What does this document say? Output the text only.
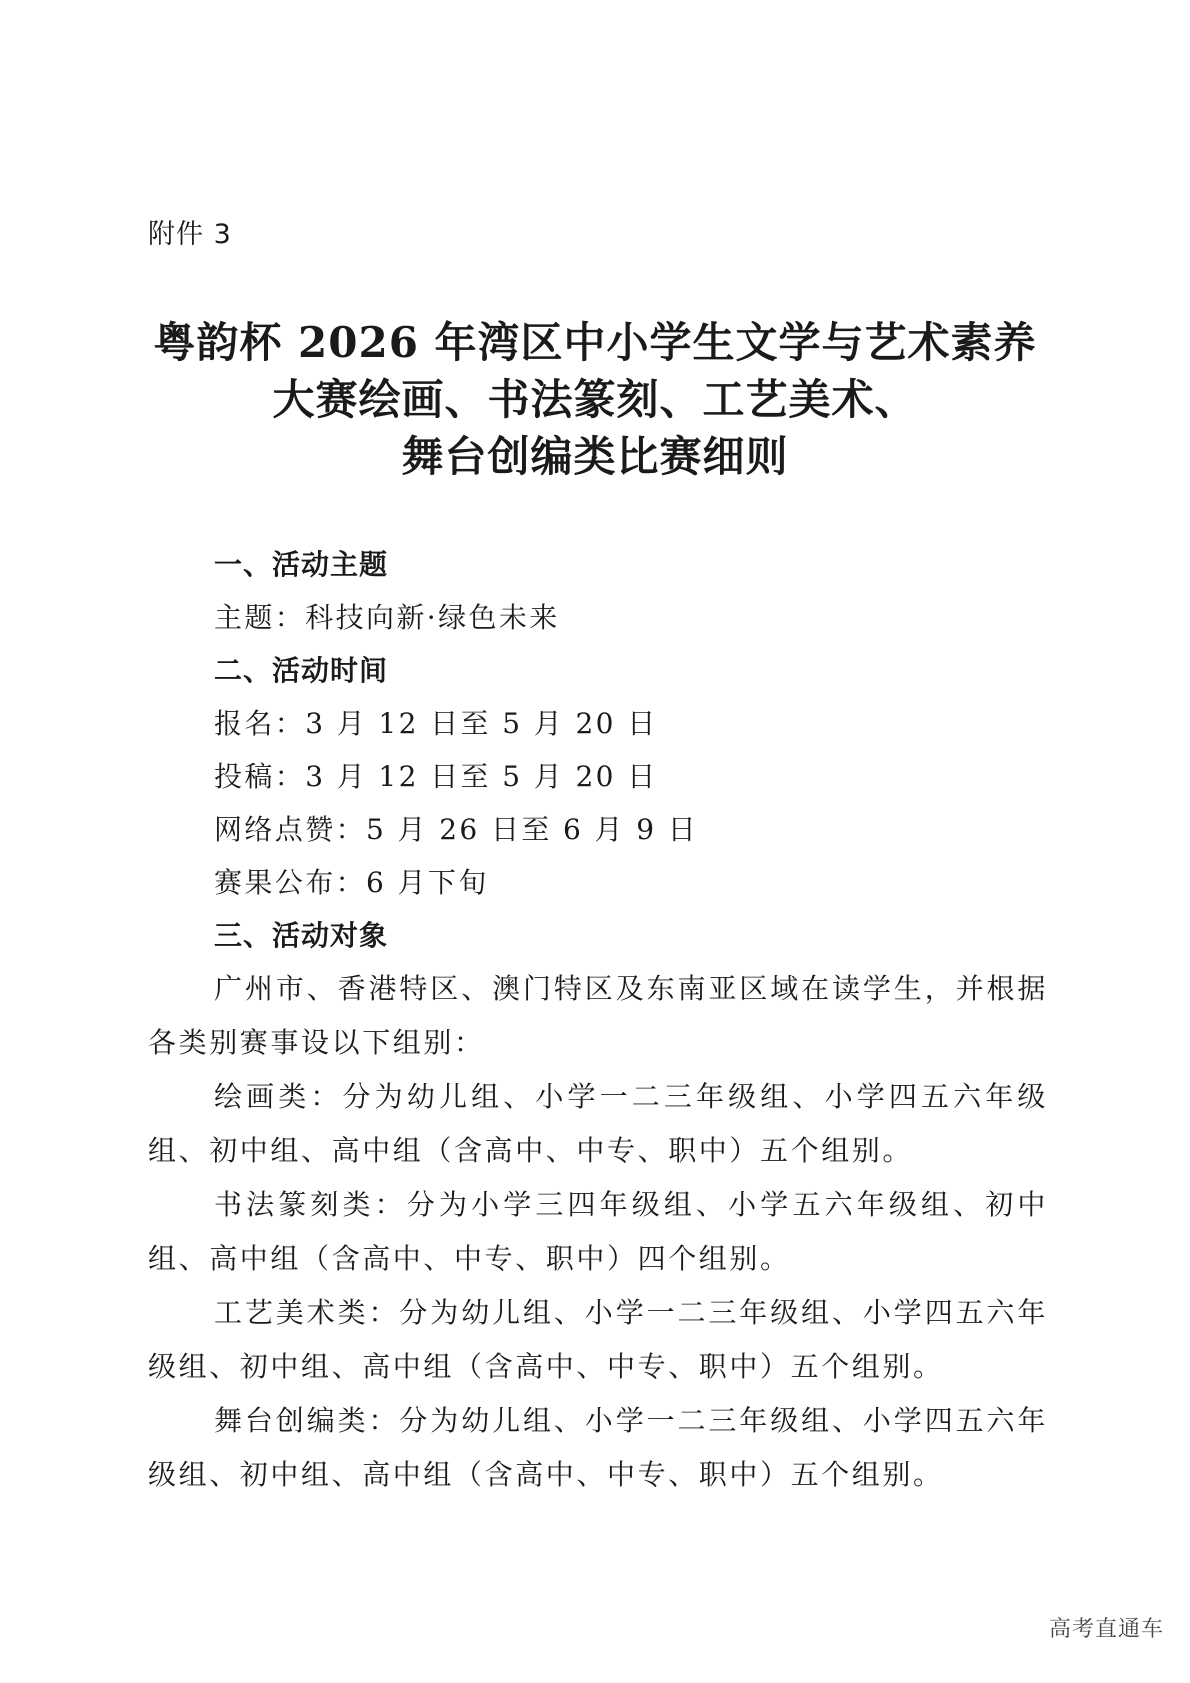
附件 3
粤韵杯 2026 年湾区中小学生文学与艺术素养
大赛绘画、书法篆刻、工艺美术、
舞台创编类比赛细则
一、活动主题
主题：科技向新·绿色未来
二、活动时间
报名：3 月 12 日至 5 月 20 日
投稿：3 月 12 日至 5 月 20 日
网络点赞：5 月 26 日至 6 月 9 日
赛果公布：6 月下旬
三、活动对象

广州市、香港特区、澳门特区及东南亚区域在读学生，并根据各类别赛事设以下组别：

绘画类：分为幼儿组、小学一二三年级组、小学四五六年级组、初中组、高中组（含高中、中专、职中）五个组别。

书法篆刻类：分为小学三四年级组、小学五六年级组、初中组、高中组（含高中、中专、职中）四个组别。

工艺美术类：分为幼儿组、小学一二三年级组、小学四五六年级组、初中组、高中组（含高中、中专、职中）五个组别。

舞台创编类：分为幼儿组、小学一二三年级组、小学四五六年级组、初中组、高中组（含高中、中专、职中）五个组别。

高考直通车
